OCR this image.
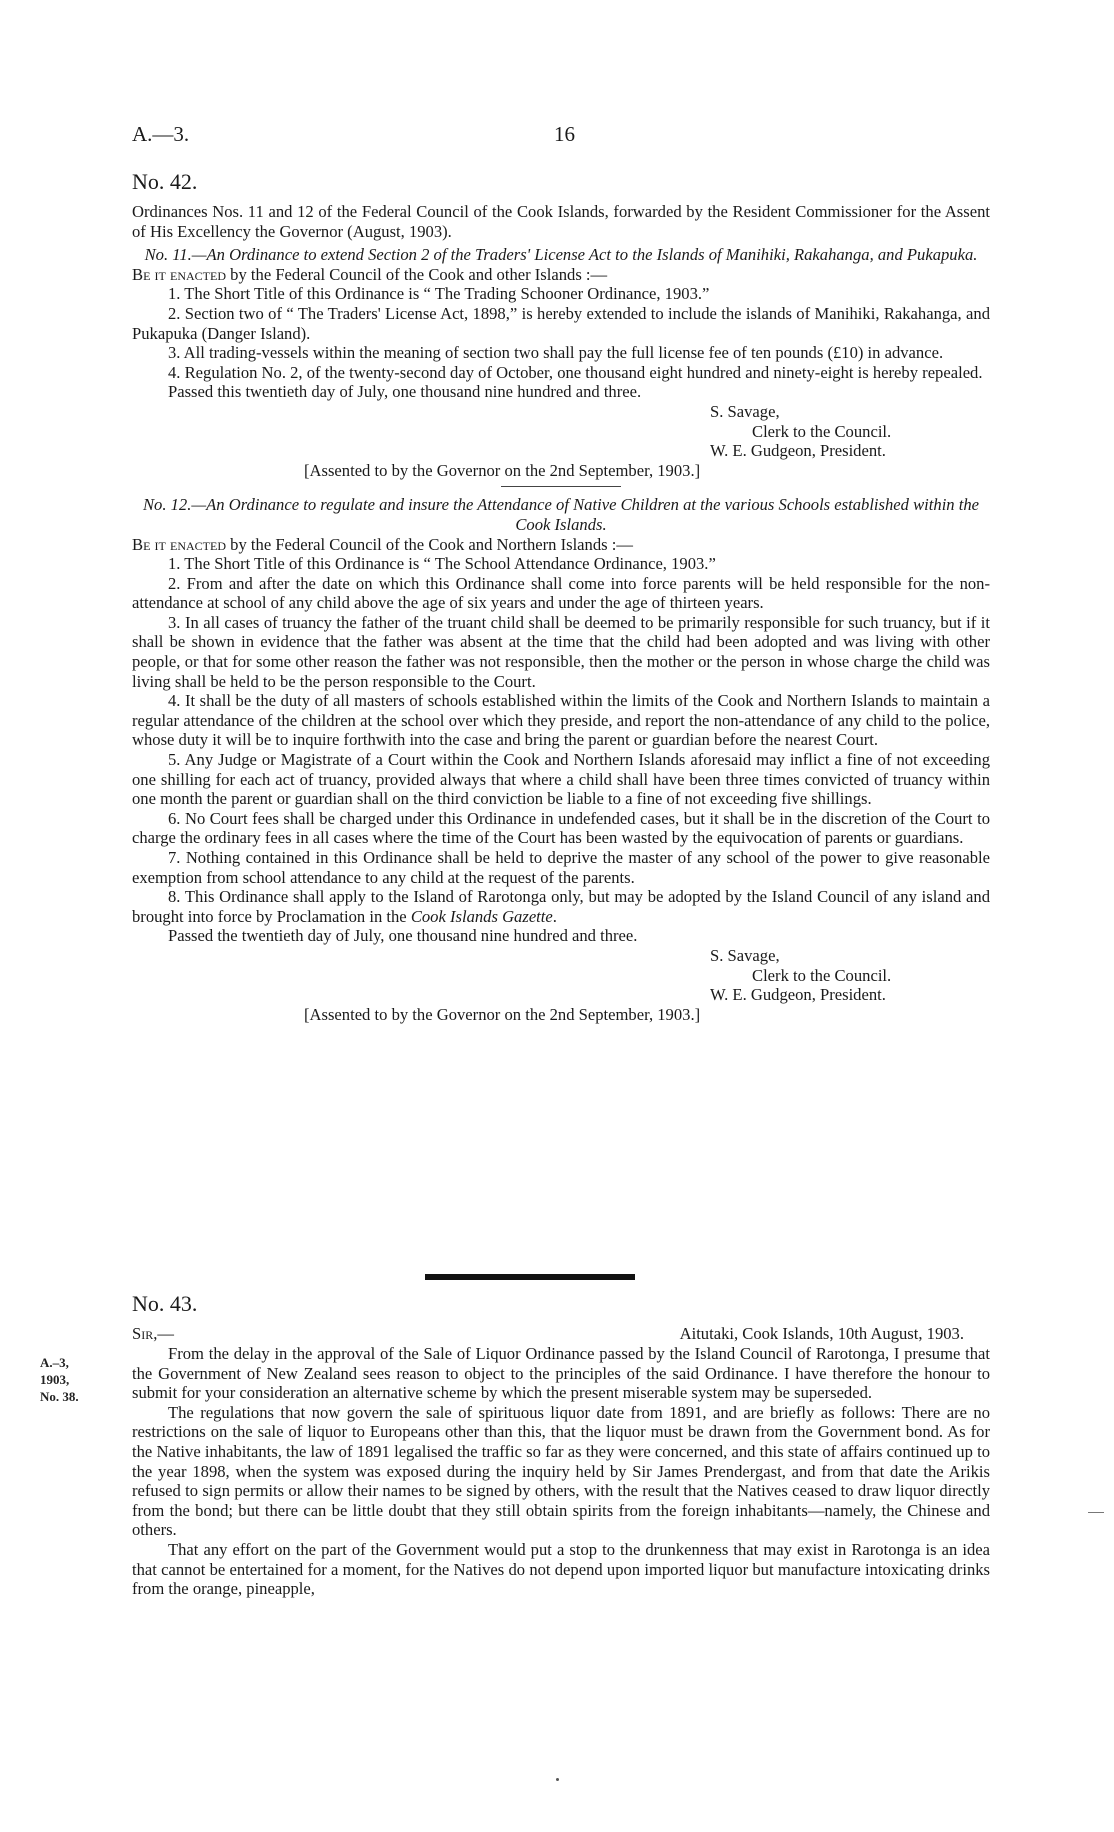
A.—3.	16

No. 42.

Ordinances Nos. 11 and 12 of the Federal Council of the Cook Islands, forwarded by the Resident Commissioner for the Assent of His Excellency the Governor (August, 1903).

No. 11.—An Ordinance to extend Section 2 of the Traders' License Act to the Islands of Manihiki, Rakahanga, and Pukapuka.

Be it enacted by the Federal Council of the Cook and other Islands :—

1. The Short Title of this Ordinance is “ The Trading Schooner Ordinance, 1903.”

2. Section two of “ The Traders' License Act, 1898,” is hereby extended to include the islands of Manihiki, Rakahanga, and Pukapuka (Danger Island).

3. All trading-vessels within the meaning of section two shall pay the full license fee of ten pounds (£10) in advance.

4. Regulation No. 2, of the twenty-second day of October, one thousand eight hundred and ninety-eight is hereby repealed.

Passed this twentieth day of July, one thousand nine hundred and three.

S. Savage,

Clerk to the Council.

W. E. Gudgeon, President.

[Assented to by the Governor on the 2nd September, 1903.]

No. 12.—An Ordinance to regulate and insure the Attendance of Native Children at the various Schools established within the Cook Islands.

Be it enacted by the Federal Council of the Cook and Northern Islands :—

1. The Short Title of this Ordinance is “ The School Attendance Ordinance, 1903.”

2. From and after the date on which this Ordinance shall come into force parents will be held responsible for the non-attendance at school of any child above the age of six years and under the age of thirteen years.

3. In all cases of truancy the father of the truant child shall be deemed to be primarily responsible for such truancy, but if it shall be shown in evidence that the father was absent at the time that the child had been adopted and was living with other people, or that for some other reason the father was not responsible, then the mother or the person in whose charge the child was living shall be held to be the person responsible to the Court.

4. It shall be the duty of all masters of schools established within the limits of the Cook and Northern Islands to maintain a regular attendance of the children at the school over which they preside, and report the non-attendance of any child to the police, whose duty it will be to inquire forthwith into the case and bring the parent or guardian before the nearest Court.

5. Any Judge or Magistrate of a Court within the Cook and Northern Islands aforesaid may inflict a fine of not exceeding one shilling for each act of truancy, provided always that where a child shall have been three times convicted of truancy within one month the parent or guardian shall on the third conviction be liable to a fine of not exceeding five shillings.

6. No Court fees shall be charged under this Ordinance in undefended cases, but it shall be in the discretion of the Court to charge the ordinary fees in all cases where the time of the Court has been wasted by the equivocation of parents or guardians.

7. Nothing contained in this Ordinance shall be held to deprive the master of any school of the power to give reasonable exemption from school attendance to any child at the request of the parents.

8. This Ordinance shall apply to the Island of Rarotonga only, but may be adopted by the Island Council of any island and brought into force by Proclamation in the Cook Islands Gazette.

Passed the twentieth day of July, one thousand nine hundred and three.

S. Savage,

Clerk to the Council.

W. E. Gudgeon, President.

[Assented to by the Governor on the 2nd September, 1903.]

No. 43.

Sir,—	Aitutaki, Cook Islands, 10th August, 1903.

From the delay in the approval of the Sale of Liquor Ordinance passed by the Island Council of Rarotonga, I presume that the Government of New Zealand sees reason to object to the principles of the said Ordinance. I have therefore the honour to submit for your consideration an alternative scheme by which the present miserable system may be superseded.

The regulations that now govern the sale of spirituous liquor date from 1891, and are briefly as follows: There are no restrictions on the sale of liquor to Europeans other than this, that the liquor must be drawn from the Government bond. As for the Native inhabitants, the law of 1891 legalised the traffic so far as they were concerned, and this state of affairs continued up to the year 1898, when the system was exposed during the inquiry held by Sir James Prendergast, and from that date the Arikis refused to sign permits or allow their names to be signed by others, with the result that the Natives ceased to draw liquor directly from the bond; but there can be little doubt that they still obtain spirits from the foreign inhabitants—namely, the Chinese and others.

That any effort on the part of the Government would put a stop to the drunkenness that may exist in Rarotonga is an idea that cannot be entertained for a moment, for the Natives do not depend upon imported liquor but manufacture intoxicating drinks from the orange, pineapple,

A.–3,
1903,
No. 38.
